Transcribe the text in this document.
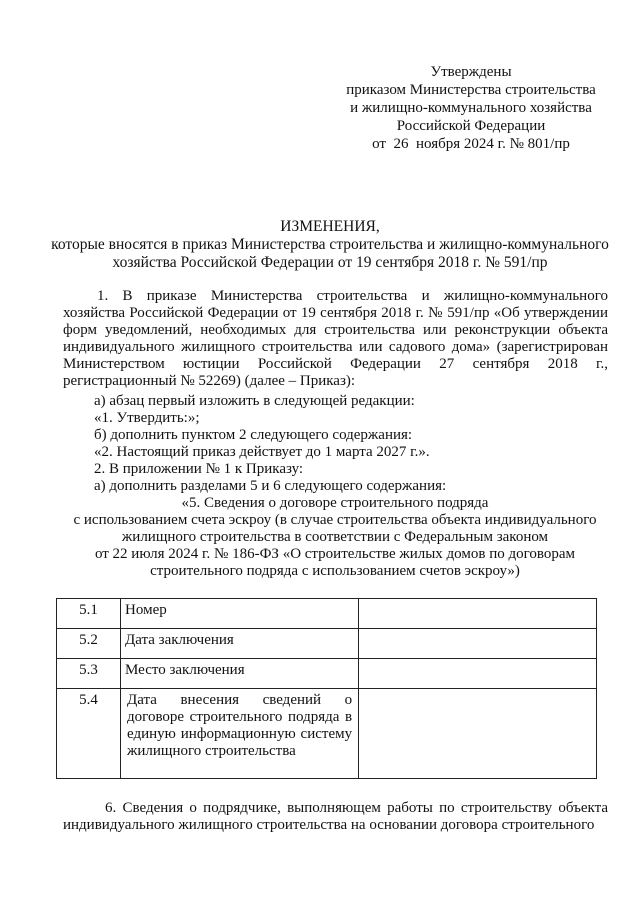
Утверждены
приказом Министерства строительства
и жилищно-коммунального хозяйства
Российской Федерации
от  26  ноября 2024 г. № 801/пр
ИЗМЕНЕНИЯ,
которые вносятся в приказ Министерства строительства и жилищно-коммунального
хозяйства Российской Федерации от 19 сентября 2018 г. № 591/пр
1. В приказе Министерства строительства и жилищно-коммунального хозяйства Российской Федерации от 19 сентября 2018 г. № 591/пр «Об утверждении форм уведомлений, необходимых для строительства или реконструкции объекта индивидуального жилищного строительства или садового дома» (зарегистрирован Министерством юстиции Российской Федерации 27 сентября 2018 г., регистрационный № 52269) (далее – Приказ):
а) абзац первый изложить в следующей редакции:
«1. Утвердить:»;
б) дополнить пунктом 2 следующего содержания:
«2. Настоящий приказ действует до 1 марта 2027 г.».
2. В приложении № 1 к Приказу:
а) дополнить разделами 5 и 6 следующего содержания:
«5. Сведения о договоре строительного подряда
с использованием счета эскроу (в случае строительства объекта индивидуального
жилищного строительства в соответствии с Федеральным законом
от 22 июля 2024 г. № 186-ФЗ «О строительстве жилых домов по договорам
строительного подряда с использованием счетов эскроу»)
5.1	Номер	
5.2	Дата заключения	
5.3	Место заключения	
5.4	Дата внесения сведений о договоре строительного подряда в единую информационную систему жилищного строительства	
6. Сведения о подрядчике, выполняющем работы по строительству объекта индивидуального жилищного строительства на основании договора строительного
